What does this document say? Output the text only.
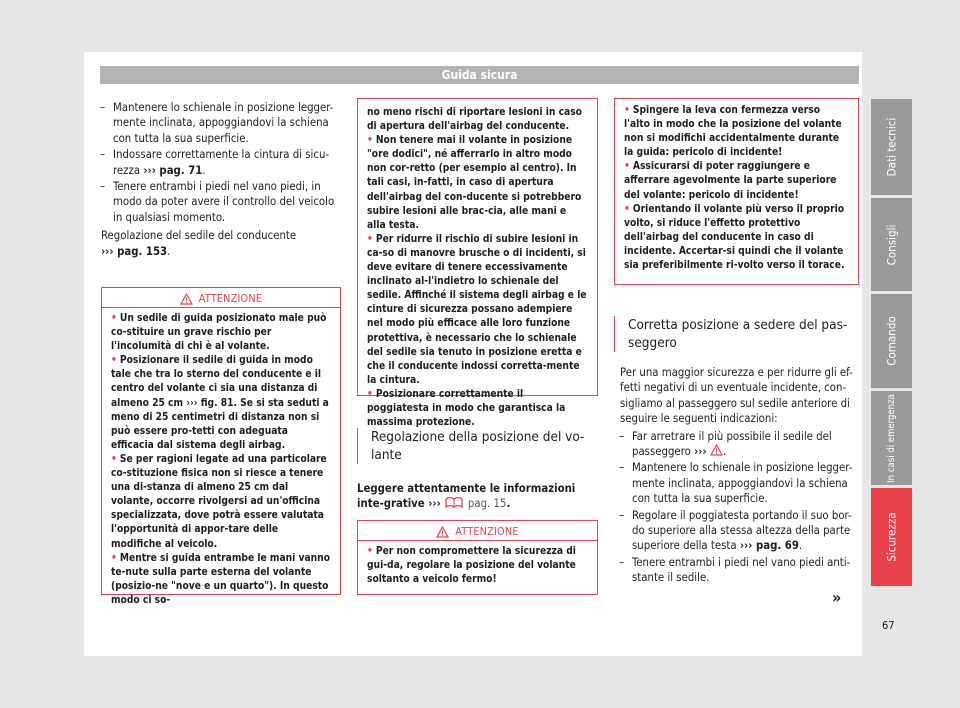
Guida sicura
– Mantenere lo schienale in posizione legger-mente inclinata, appoggiandovi la schiena con tutta la sua superficie.
– Indossare correttamente la cintura di sicu-rezza ››› pag. 71.
– Tenere entrambi i piedi nel vano piedi, in modo da poter avere il controllo del veicolo in qualsiasi momento.
Regolazione del sedile del conducente
››› pag. 153.
ATTENZIONE
• Un sedile di guida posizionato male può co-stituire un grave rischio per l'incolumità di chi è al volante.
• Posizionare il sedile di guida in modo tale che tra lo sterno del conducente e il centro del volante ci sia una distanza di almeno 25 cm ››› fig. 81. Se si sta seduti a meno di 25 centimetri di distanza non si può essere pro-tetti con adeguata efficacia dal sistema degli airbag.
• Se per ragioni legate ad una particolare co-stituzione fisica non si riesce a tenere una di-stanza di almeno 25 cm dal volante, occorre rivolgersi ad un'officina specializzata, dove potrà essere valutata l'opportunità di appor-tare delle modifiche al veicolo.
• Mentre si guida entrambe le mani vanno te-nute sulla parte esterna del volante (posizio-ne "nove e un quarto"). In questo modo ci so-
no meno rischi di riportare lesioni in caso di apertura dell'airbag del conducente.
• Non tenere mai il volante in posizione "ore dodici", né afferrarlo in altro modo non cor-retto (per esempio al centro). In tali casi, in-fatti, in caso di apertura dell'airbag del con-ducente si potrebbero subire lesioni alle brac-cia, alle mani e alla testa.
• Per ridurre il rischio di subire lesioni in ca-so di manovre brusche o di incidenti, si deve evitare di tenere eccessivamente inclinato al-l'indietro lo schienale del sedile. Affinché il sistema degli airbag e le cinture di sicurezza possano adempiere nel modo più efficace alle loro funzione protettiva, è necessario che lo schienale del sedile sia tenuto in posizione eretta e che il conducente indossi corretta-mente la cintura.
• Posizionare correttamente il poggiatesta in modo che garantisca la massima protezione.
Regolazione della posizione del vo-lante
Leggere attentamente le informazioni inte-grative ›››  pag. 15.
ATTENZIONE
• Per non compromettere la sicurezza di gui-da, regolare la posizione del volante soltanto a veicolo fermo!
• Spingere la leva con fermezza verso l'alto in modo che la posizione del volante non si modifichi accidentalmente durante la guida: pericolo di incidente!
• Assicurarsi di poter raggiungere e afferrare agevolmente la parte superiore del volante: pericolo di incidente!
• Orientando il volante più verso il proprio volto, si riduce l'effetto protettivo dell'airbag del conducente in caso di incidente. Accertar-si quindi che il volante sia preferibilmente ri-volto verso il torace.
Corretta posizione a sedere del pas-seggero
Per una maggior sicurezza e per ridurre gli ef-fetti negativi di un eventuale incidente, con-sigliamo al passeggero sul sedile anteriore di seguire le seguenti indicazioni:
– Far arretrare il più possibile il sedile del passeggero ››› .
– Mantenere lo schienale in posizione legger-mente inclinata, appoggiandovi la schiena con tutta la sua superficie.
– Regolare il poggiatesta portando il suo bor-do superiore alla stessa altezza della parte superiore della testa ››› pag. 69.
– Tenere entrambi i piedi nel vano piedi anti-stante il sedile.
»
Dati tecnici
Consigli
Comando
In casi di emergenza
Sicurezza
67
